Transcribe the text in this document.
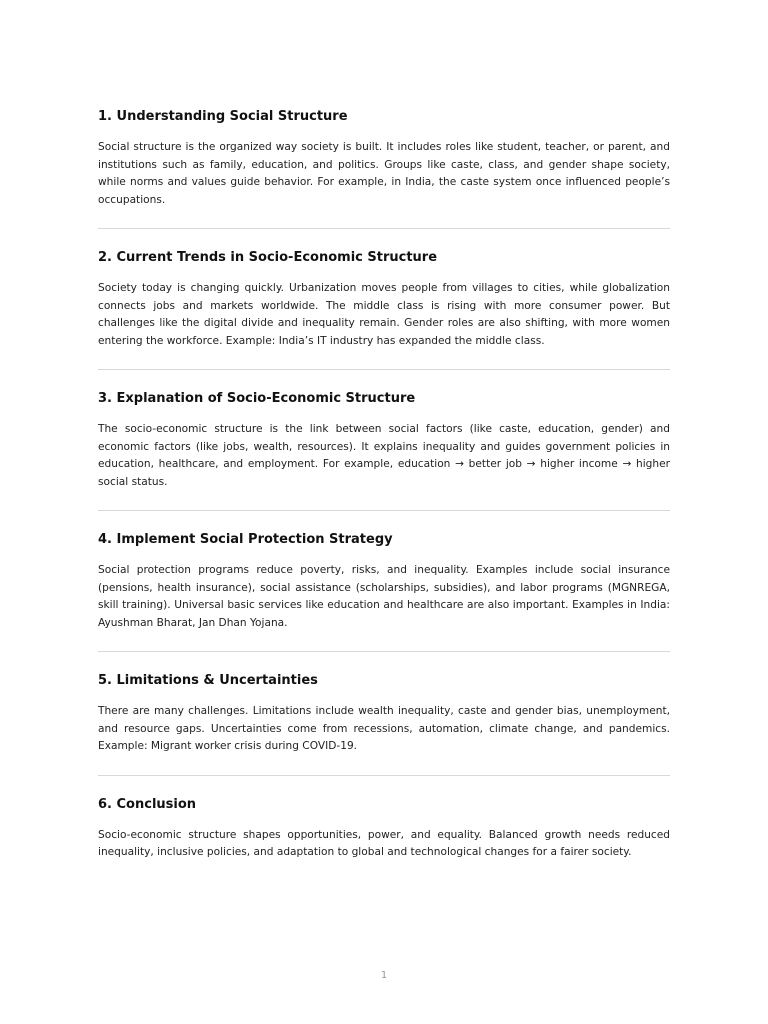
1. Understanding Social Structure

Social structure is the organized way society is built. It includes roles like student, teacher, or parent, and institutions such as family, education, and politics. Groups like caste, class, and gender shape society, while norms and values guide behavior. For example, in India, the caste system once influenced people’s occupations.

2. Current Trends in Socio-Economic Structure

Society today is changing quickly. Urbanization moves people from villages to cities, while globalization connects jobs and markets worldwide. The middle class is rising with more consumer power. But challenges like the digital divide and inequality remain. Gender roles are also shifting, with more women entering the workforce. Example: India’s IT industry has expanded the middle class.

3. Explanation of Socio-Economic Structure

The socio-economic structure is the link between social factors (like caste, education, gender) and economic factors (like jobs, wealth, resources). It explains inequality and guides government policies in education, healthcare, and employment. For example, education → better job → higher income → higher social status.

4. Implement Social Protection Strategy

Social protection programs reduce poverty, risks, and inequality. Examples include social insurance (pensions, health insurance), social assistance (scholarships, subsidies), and labor programs (MGNREGA, skill training). Universal basic services like education and healthcare are also important. Examples in India: Ayushman Bharat, Jan Dhan Yojana.

5. Limitations & Uncertainties

There are many challenges. Limitations include wealth inequality, caste and gender bias, unemployment, and resource gaps. Uncertainties come from recessions, automation, climate change, and pandemics. Example: Migrant worker crisis during COVID-19.

6. Conclusion

Socio-economic structure shapes opportunities, power, and equality. Balanced growth needs reduced inequality, inclusive policies, and adaptation to global and technological changes for a fairer society.

1
